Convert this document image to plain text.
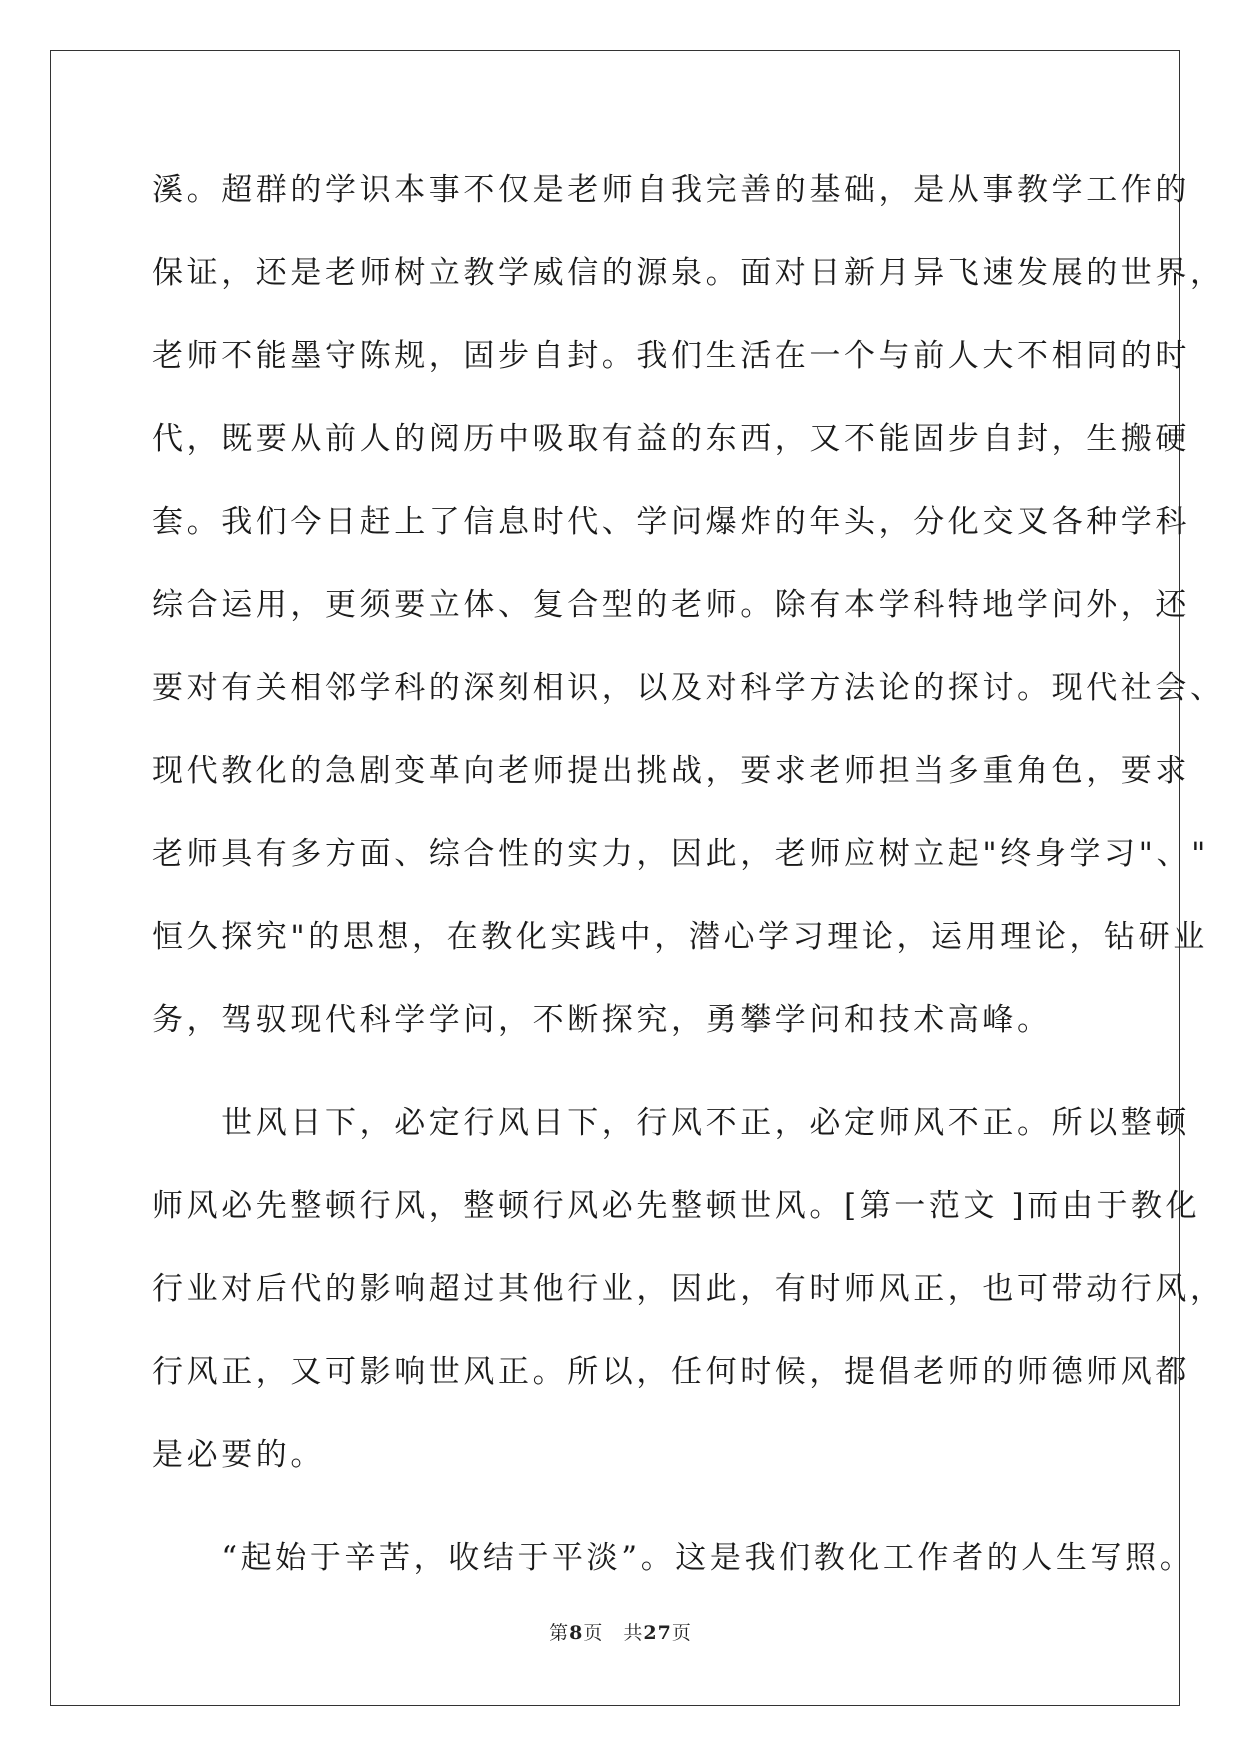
溪。超群的学识本事不仅是老师自我完善的基础，是从事教学工作的
保证，还是老师树立教学威信的源泉。面对日新月异飞速发展的世界，
老师不能墨守陈规，固步自封。我们生活在一个与前人大不相同的时
代，既要从前人的阅历中吸取有益的东西，又不能固步自封，生搬硬
套。我们今日赶上了信息时代、学问爆炸的年头，分化交叉各种学科
综合运用，更须要立体、复合型的老师。除有本学科特地学问外，还
要对有关相邻学科的深刻相识，以及对科学方法论的探讨。现代社会、
现代教化的急剧变革向老师提出挑战，要求老师担当多重角色，要求
老师具有多方面、综合性的实力，因此，老师应树立起"终身学习"、"
恒久探究"的思想，在教化实践中，潜心学习理论，运用理论，钻研业
务，驾驭现代科学学问，不断探究，勇攀学问和技术高峰。
　　世风日下，必定行风日下，行风不正，必定师风不正。所以整顿
师风必先整顿行风，整顿行风必先整顿世风。[第一范文 ]而由于教化
行业对后代的影响超过其他行业，因此，有时师风正，也可带动行风，
行风正，又可影响世风正。所以，任何时候，提倡老师的师德师风都
是必要的。
　　“起始于辛苦，收结于平淡”。这是我们教化工作者的人生写照。
第8页　共27页
